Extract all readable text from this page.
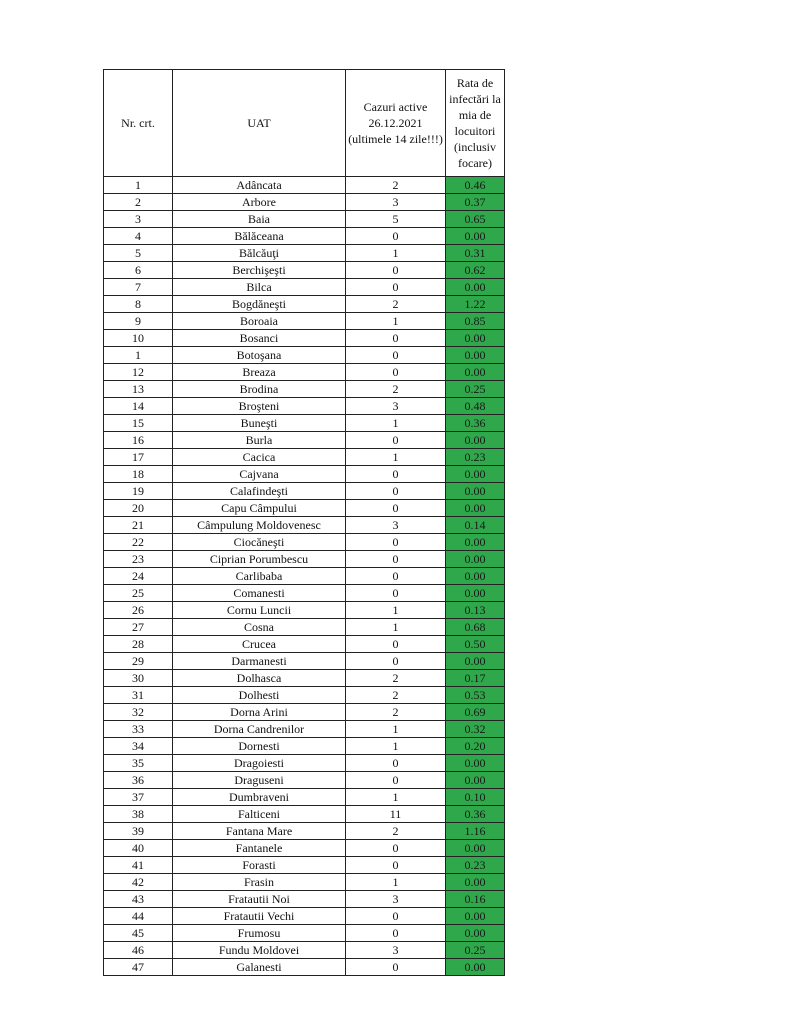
Nr. crt.	UAT	Cazuri active 26.12.2021 (ultimele 14 zile!!!)	Rata de infectări la mia de locuitori (inclusiv focare)
1	Adâncata	2	0.46
2	Arbore	3	0.37
3	Baia	5	0.65
4	Bălăceana	0	0.00
5	Bălcăuţi	1	0.31
6	Berchişeşti	0	0.62
7	Bilca	0	0.00
8	Bogdăneşti	2	1.22
9	Boroaia	1	0.85
10	Bosanci	0	0.00
1	Botoşana	0	0.00
12	Breaza	0	0.00
13	Brodina	2	0.25
14	Broşteni	3	0.48
15	Buneşti	1	0.36
16	Burla	0	0.00
17	Cacica	1	0.23
18	Cajvana	0	0.00
19	Calafindeşti	0	0.00
20	Capu Câmpului	0	0.00
21	Câmpulung Moldovenesc	3	0.14
22	Ciocăneşti	0	0.00
23	Ciprian Porumbescu	0	0.00
24	Carlibaba	0	0.00
25	Comanesti	0	0.00
26	Cornu Luncii	1	0.13
27	Cosna	1	0.68
28	Crucea	0	0.50
29	Darmanesti	0	0.00
30	Dolhasca	2	0.17
31	Dolhesti	2	0.53
32	Dorna Arini	2	0.69
33	Dorna Candrenilor	1	0.32
34	Dornesti	1	0.20
35	Dragoiesti	0	0.00
36	Draguseni	0	0.00
37	Dumbraveni	1	0.10
38	Falticeni	11	0.36
39	Fantana Mare	2	1.16
40	Fantanele	0	0.00
41	Forasti	0	0.23
42	Frasin	1	0.00
43	Fratautii Noi	3	0.16
44	Fratautii Vechi	0	0.00
45	Frumosu	0	0.00
46	Fundu Moldovei	3	0.25
47	Galanesti	0	0.00
